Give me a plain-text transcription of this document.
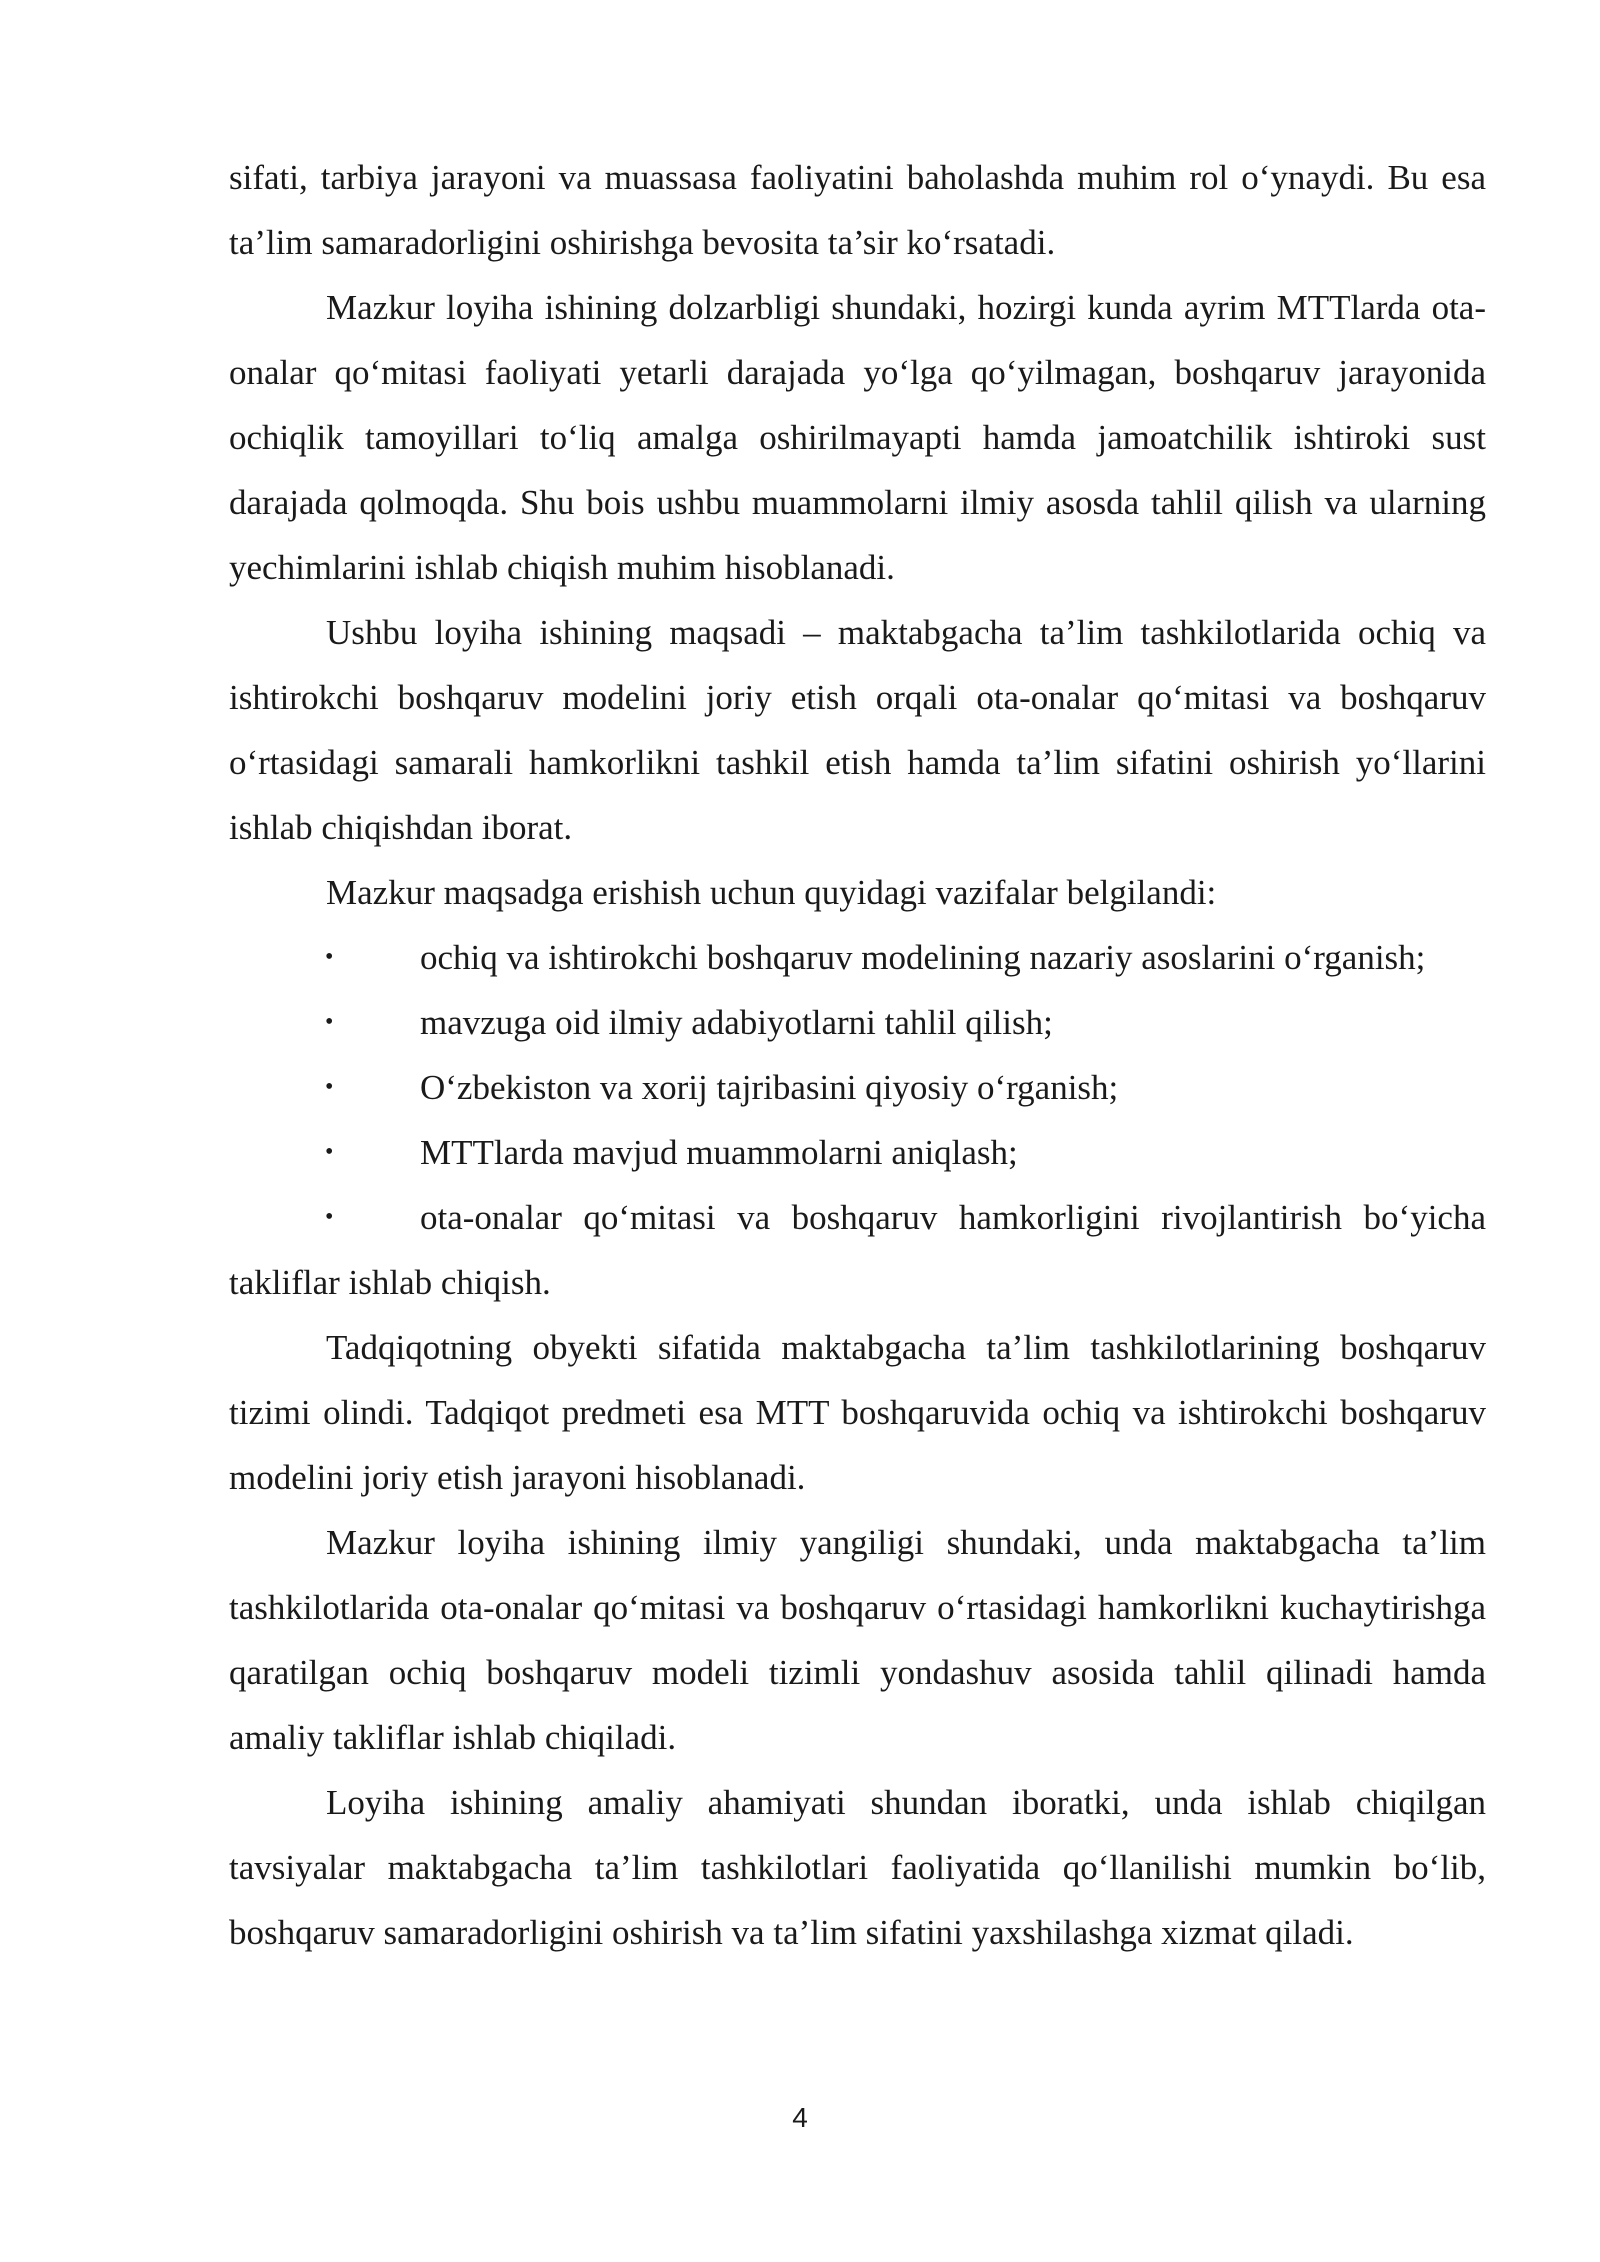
sifati, tarbiya jarayoni va muassasa faoliyatini baholashda muhim rol o‘ynaydi. Bu esa ta’lim samaradorligini oshirishga bevosita ta’sir ko‘rsatadi.

Mazkur loyiha ishining dolzarbligi shundaki, hozirgi kunda ayrim MTTlarda ota-onalar qo‘mitasi faoliyati yetarli darajada yo‘lga qo‘yilmagan, boshqaruv jarayonida ochiqlik tamoyillari to‘liq amalga oshirilmayapti hamda jamoatchilik ishtiroki sust darajada qolmoqda. Shu bois ushbu muammolarni ilmiy asosda tahlil qilish va ularning yechimlarini ishlab chiqish muhim hisoblanadi.

Ushbu loyiha ishining maqsadi – maktabgacha ta’lim tashkilotlarida ochiq va ishtirokchi boshqaruv modelini joriy etish orqali ota-onalar qo‘mitasi va boshqaruv o‘rtasidagi samarali hamkorlikni tashkil etish hamda ta’lim sifatini oshirish yo‘llarini ishlab chiqishdan iborat.

Mazkur maqsadga erishish uchun quyidagi vazifalar belgilandi:

• ochiq va ishtirokchi boshqaruv modelining nazariy asoslarini o‘rganish;

• mavzuga oid ilmiy adabiyotlarni tahlil qilish;

• O‘zbekiston va xorij tajribasini qiyosiy o‘rganish;

• MTTlarda mavjud muammolarni aniqlash;

• ota-onalar qo‘mitasi va boshqaruv hamkorligini rivojlantirish bo‘yicha takliflar ishlab chiqish.

Tadqiqotning obyekti sifatida maktabgacha ta’lim tashkilotlarining boshqaruv tizimi olindi. Tadqiqot predmeti esa MTT boshqaruvida ochiq va ishtirokchi boshqaruv modelini joriy etish jarayoni hisoblanadi.

Mazkur loyiha ishining ilmiy yangiligi shundaki, unda maktabgacha ta’lim tashkilotlarida ota-onalar qo‘mitasi va boshqaruv o‘rtasidagi hamkorlikni kuchaytirishga qaratilgan ochiq boshqaruv modeli tizimli yondashuv asosida tahlil qilinadi hamda amaliy takliflar ishlab chiqiladi.

Loyiha ishining amaliy ahamiyati shundan iboratki, unda ishlab chiqilgan tavsiyalar maktabgacha ta’lim tashkilotlari faoliyatida qo‘llanilishi mumkin bo‘lib, boshqaruv samaradorligini oshirish va ta’lim sifatini yaxshilashga xizmat qiladi.

4
